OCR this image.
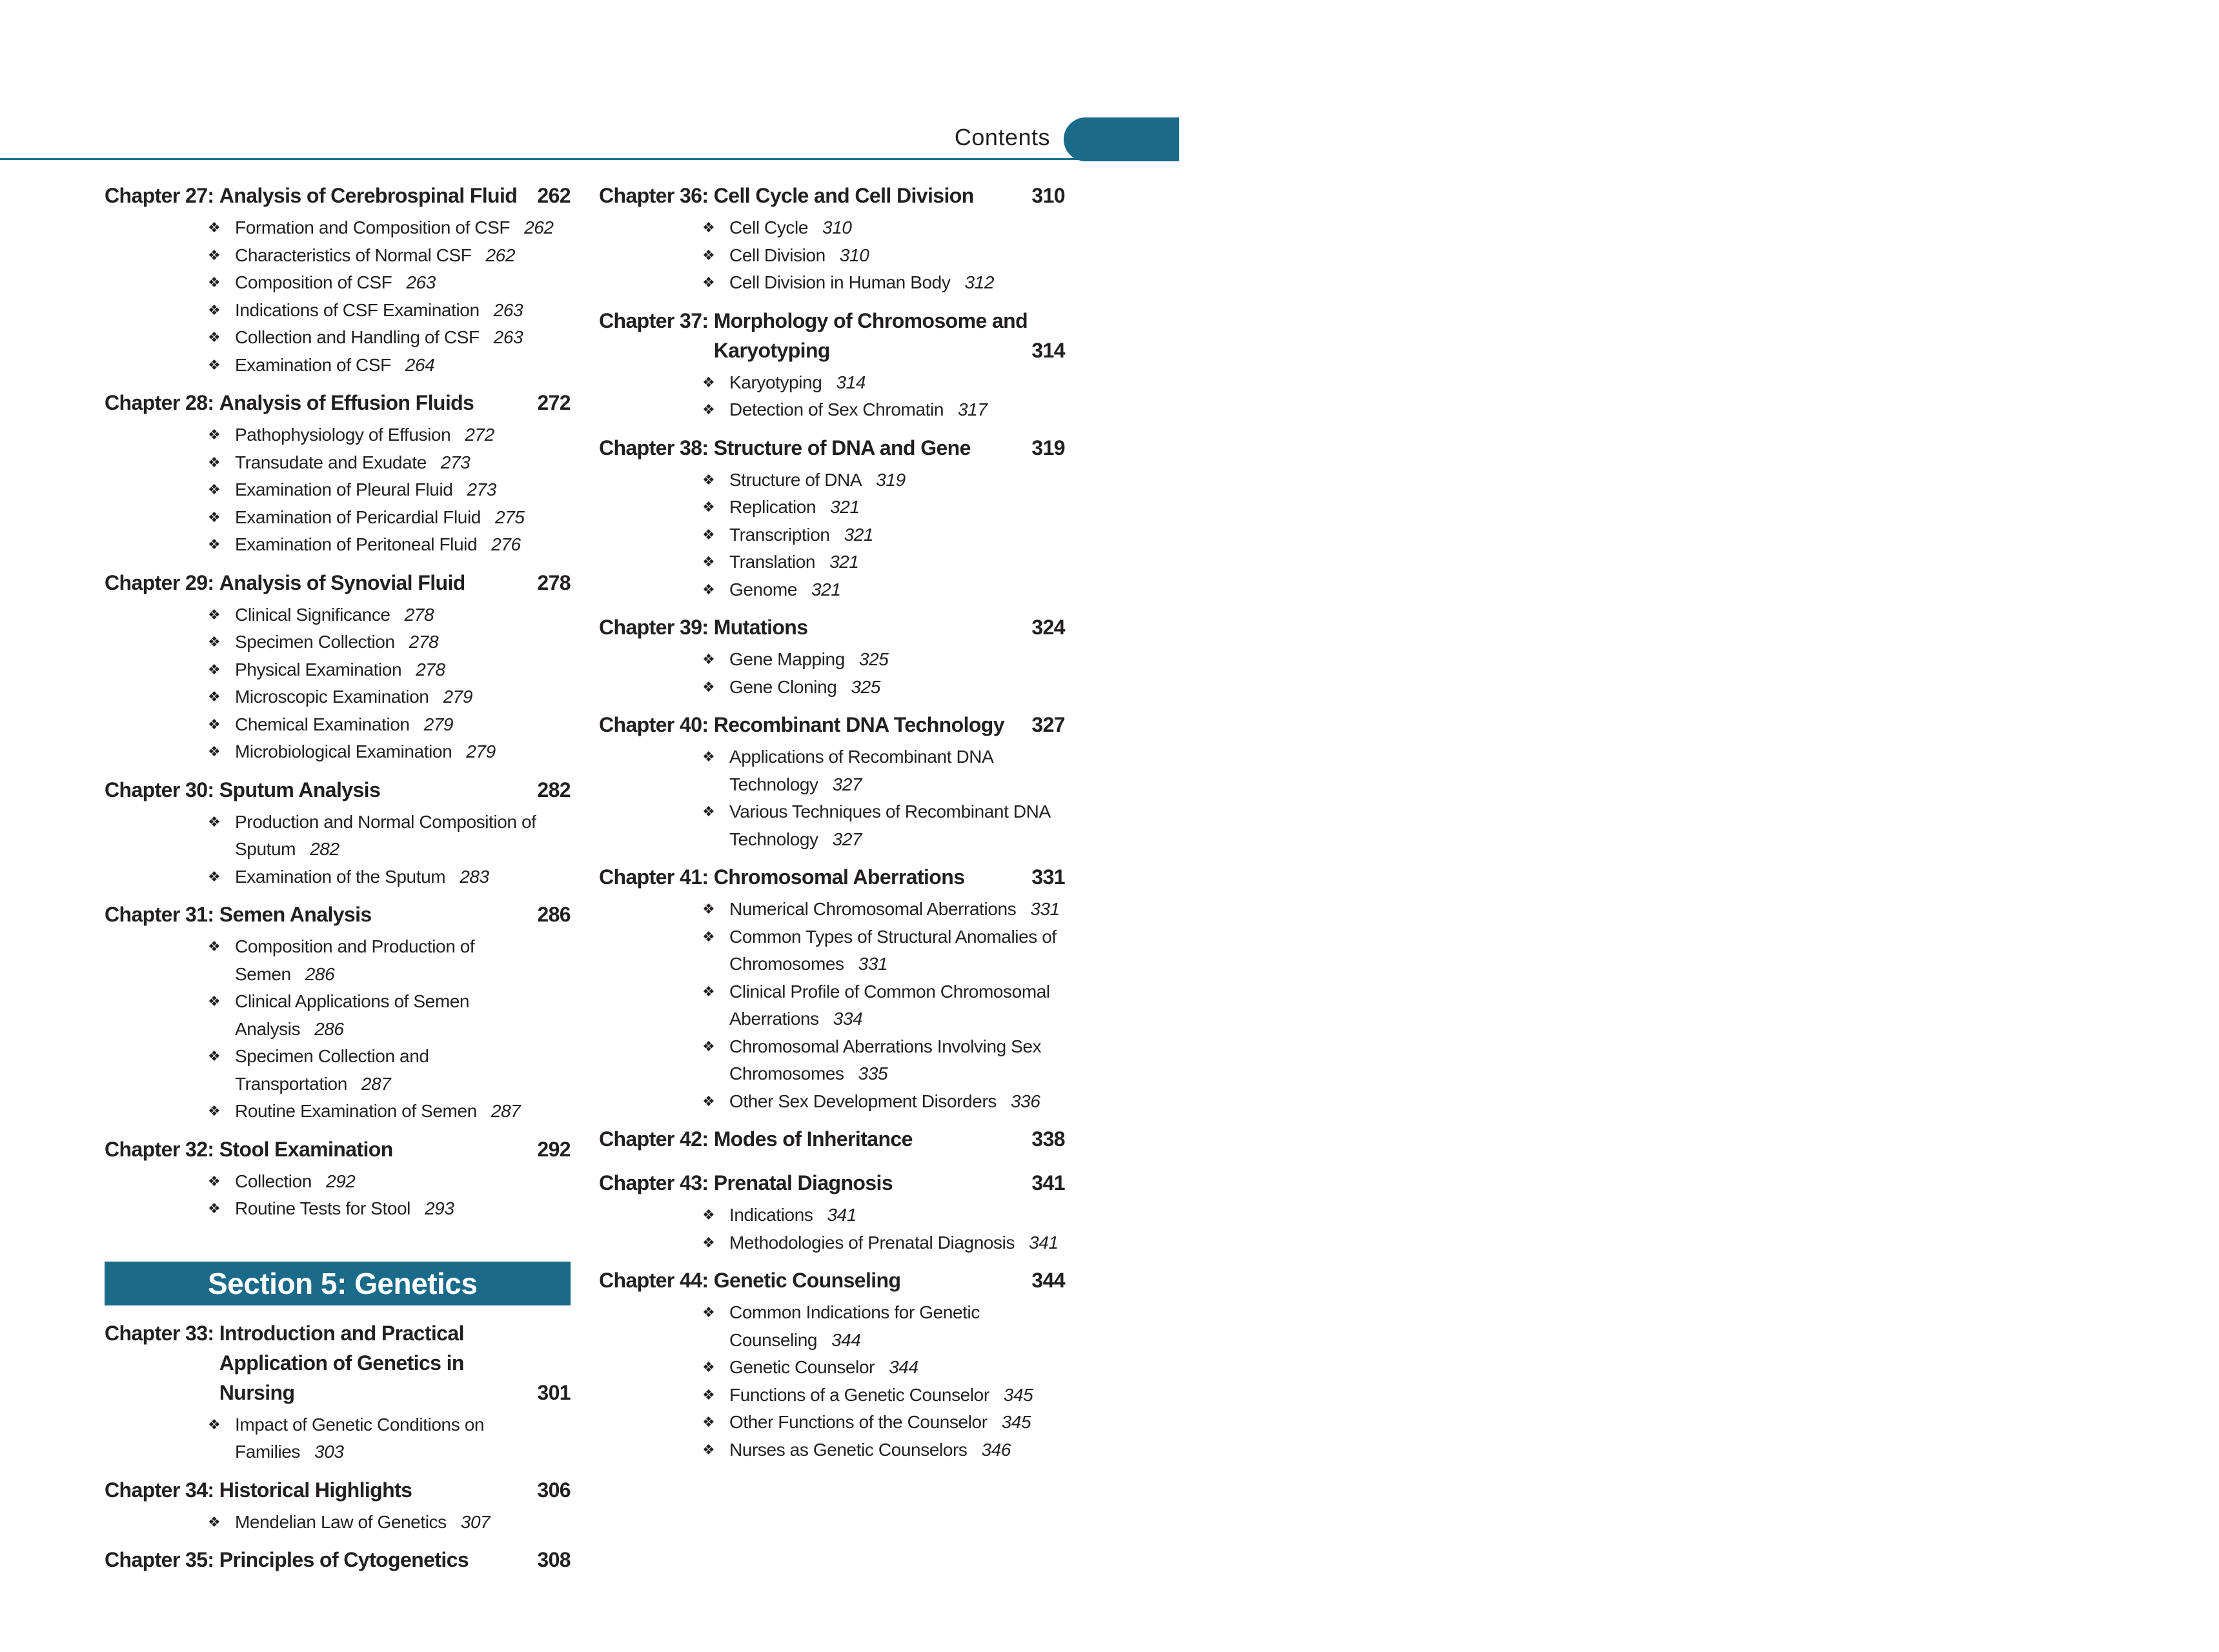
Contents
xiii
Chapter 27: Analysis of Cerebrospinal Fluid 262
❖ Formation and Composition of CSF 262
❖ Characteristics of Normal CSF 262
❖ Composition of CSF 263
❖ Indications of CSF Examination 263
❖ Collection and Handling of CSF 263
❖ Examination of CSF 264
Chapter 28: Analysis of Effusion Fluids	272
❖ Pathophysiology of Effusion 272
❖ Transudate and Exudate 273
❖ Examination of Pleural Fluid 273
❖ Examination of Pericardial Fluid 275
❖ Examination of Peritoneal Fluid 276
Chapter 29: Analysis of Synovial Fluid	278
❖ Clinical Significance 278
❖ Specimen Collection 278
❖ Physical Examination 278
❖ Microscopic Examination 279
❖ Chemical Examination 279
❖ Microbiological Examination 279
Chapter 30: Sputum Analysis	282
❖ Production and Normal Composition of Sputum 282
❖ Examination of the Sputum 283
Chapter 31: Semen Analysis	286
❖ Composition and Production of Semen 286
❖ Clinical Applications of Semen Analysis 286
❖ Specimen Collection and Transportation 287
❖ Routine Examination of Semen 287
Chapter 32: Stool Examination	292
❖ Collection 292
❖ Routine Tests for Stool 293
Section 5: Genetics
Chapter 33: Introduction and Practical
Application of Genetics in Nursing	301
❖ Impact of Genetic Conditions on Families 303
Chapter 34: Historical Highlights	306
❖ Mendelian Law of Genetics 307
Chapter 35: Principles of Cytogenetics	308
Chapter 36: Cell Cycle and Cell Division	310
❖ Cell Cycle 310
❖ Cell Division 310
❖ Cell Division in Human Body 312
Chapter 37: Morphology of Chromosome and
Karyotyping	314
❖ Karyotyping 314
❖ Detection of Sex Chromatin 317
Chapter 38: Structure of DNA and Gene	319
❖ Structure of DNA 319
❖ Replication 321
❖ Transcription 321
❖ Translation 321
❖ Genome 321
Chapter 39: Mutations	324
❖ Gene Mapping 325
❖ Gene Cloning 325
Chapter 40: Recombinant DNA Technology 327
❖ Applications of Recombinant DNA Technology 327
❖ Various Techniques of Recombinant DNA Technology 327
Chapter 41: Chromosomal Aberrations	331
❖ Numerical Chromosomal Aberrations 331
❖ Common Types of Structural Anomalies of Chromosomes 331
❖ Clinical Profile of Common Chromosomal Aberrations 334
❖ Chromosomal Aberrations Involving Sex Chromosomes 335
❖ Other Sex Development Disorders 336
Chapter 42: Modes of Inheritance	338
Chapter 43: Prenatal Diagnosis	341
❖ Indications 341
❖ Methodologies of Prenatal Diagnosis 341
Chapter 44: Genetic Counseling	344
❖ Common Indications for Genetic Counseling 344
❖ Genetic Counselor 344
❖ Functions of a Genetic Counselor 345
❖ Other Functions of the Counselor 345
❖ Nurses as Genetic Counselors 346
